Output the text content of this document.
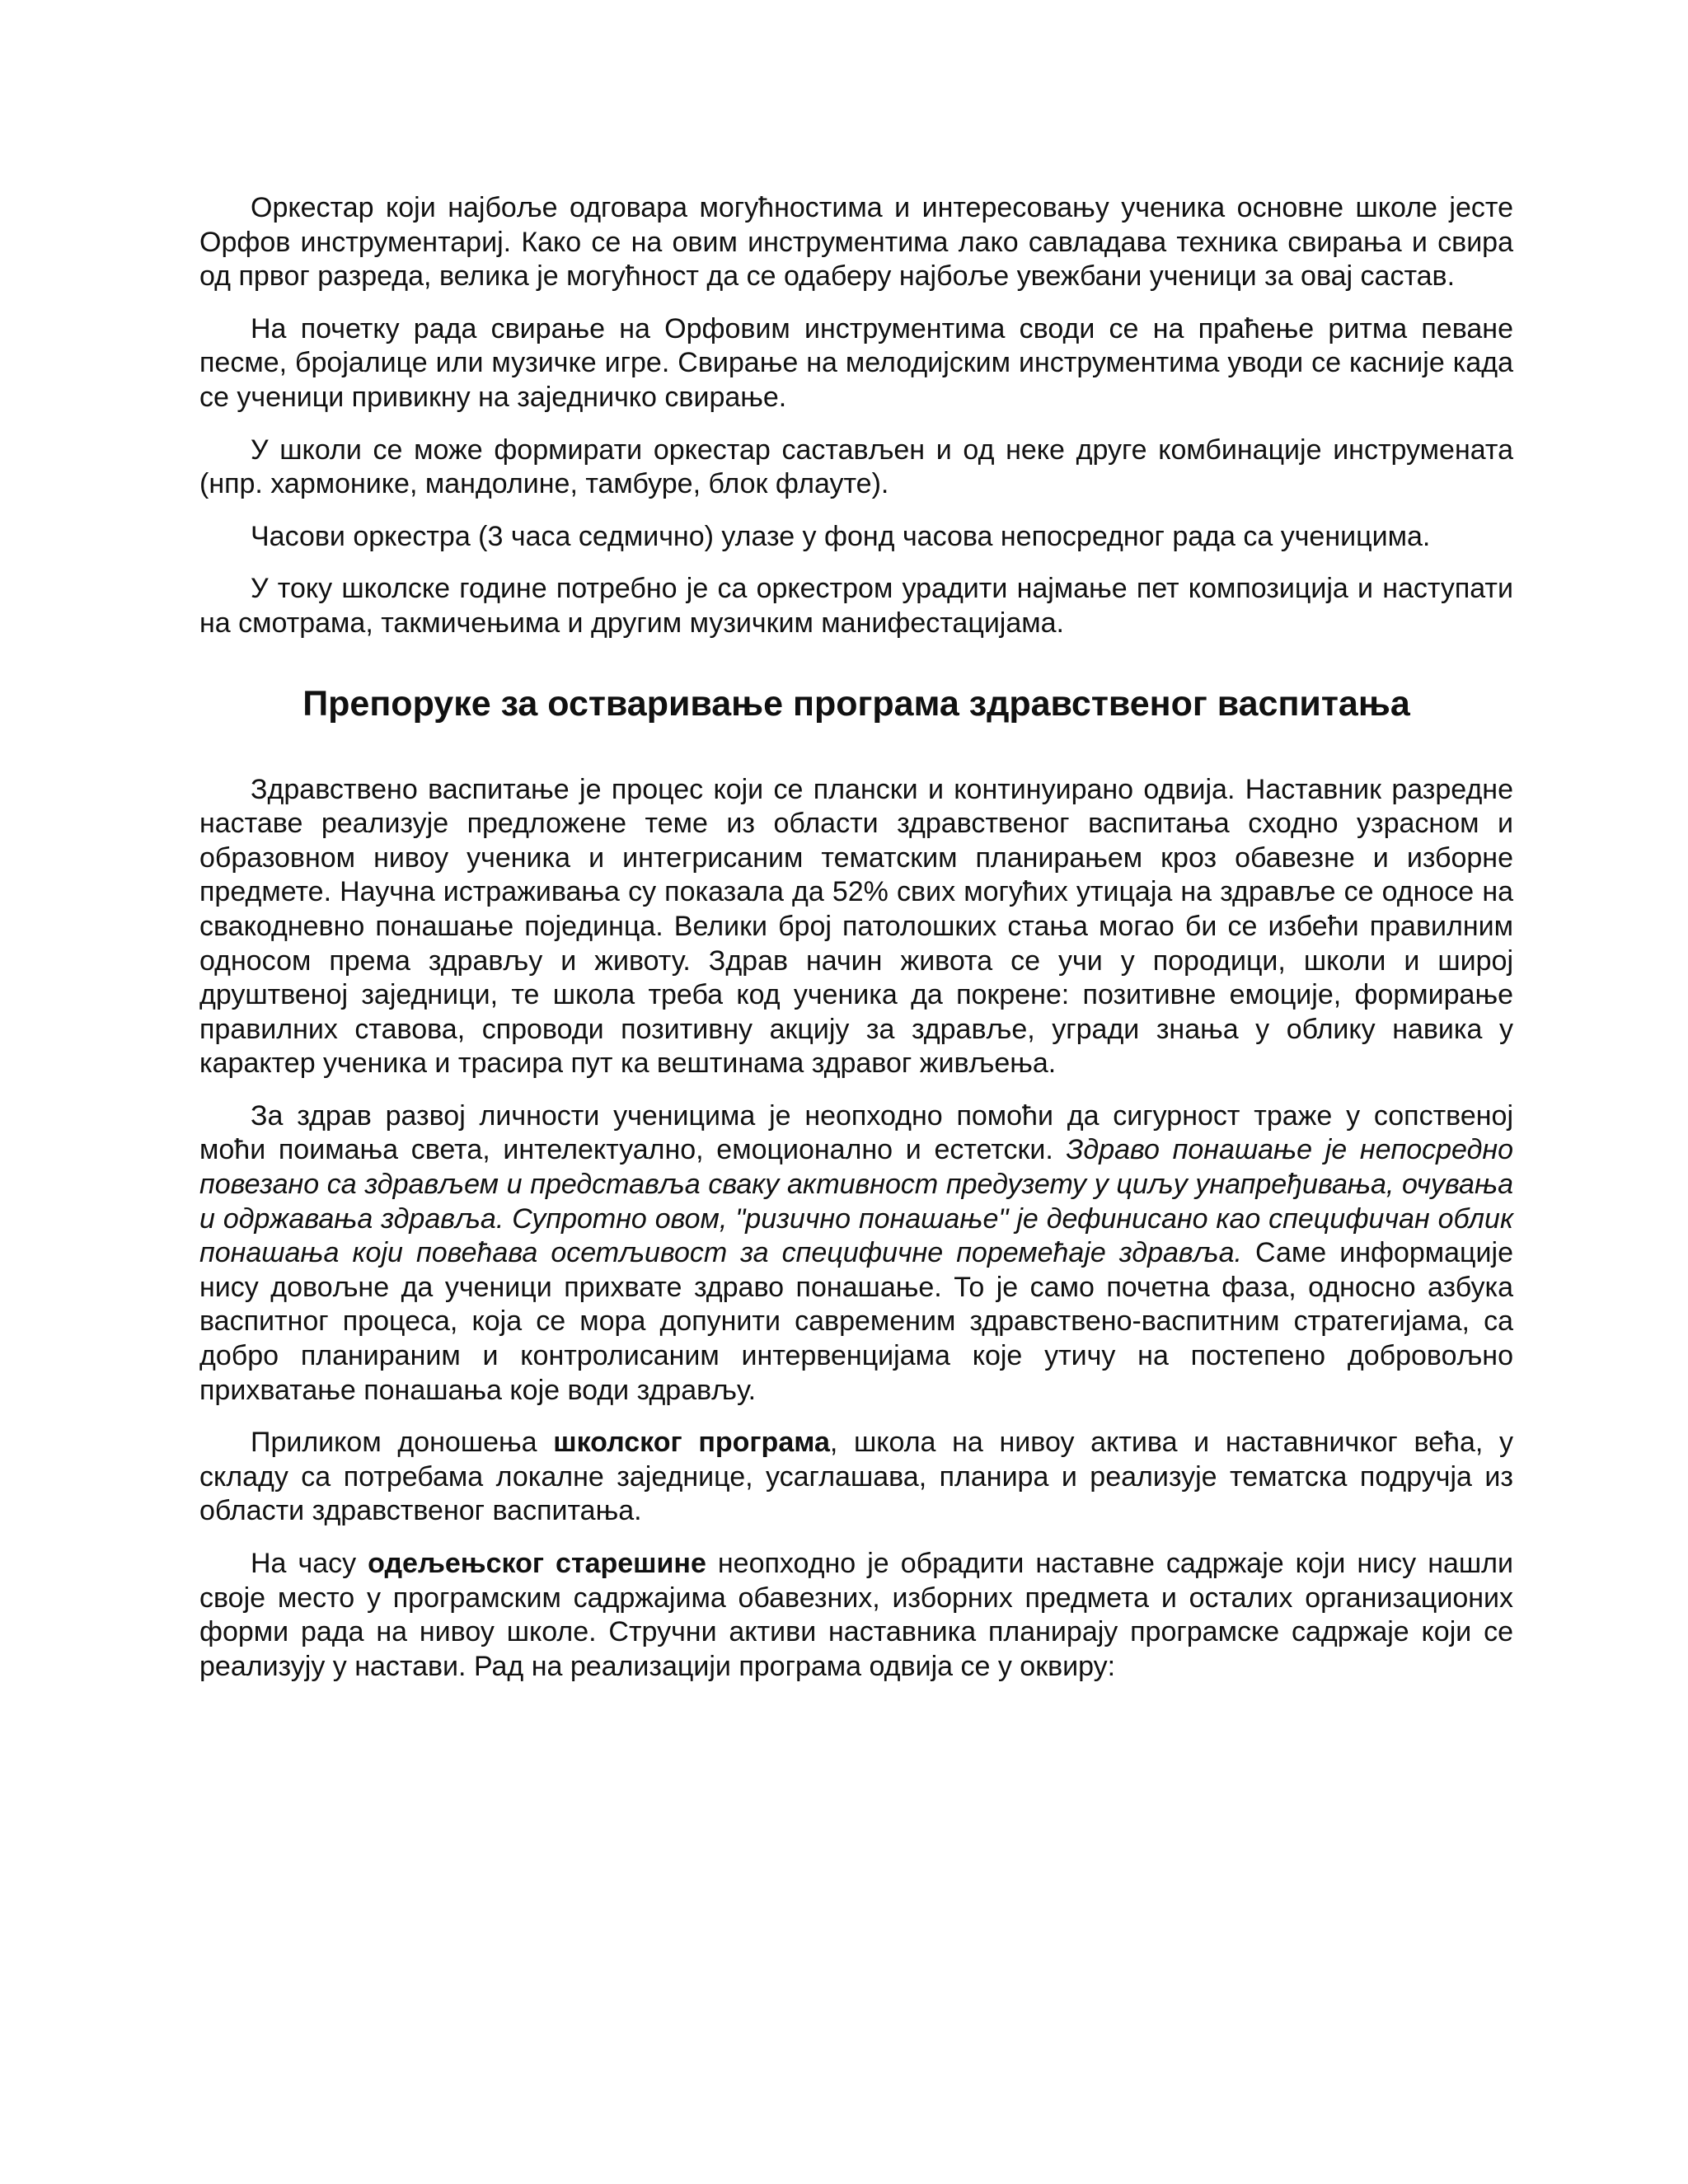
Оркестар који најбоље одговара могућностима и интересовању ученика основне школе јесте Орфов инструментариј. Како се на овим инструментима лако савладава техника свирања и свира од првог разреда, велика је могућност да се одаберу најбоље увежбани ученици за овај састав.

На почетку рада свирање на Орфовим инструментима своди се на праћење ритма певане песме, бројалице или музичке игре. Свирање на мелодијским инструментима уводи се касније када се ученици привикну на заједничко свирање.

У школи се може формирати оркестар састављен и од неке друге комбинације инструмената (нпр. хармонике, мандолине, тамбуре, блок флауте).

Часови оркестра (3 часа седмично) улазе у фонд часова непосредног рада са ученицима.

У току школске године потребно је са оркестром урадити најмање пет композиција и наступати на смотрама, такмичењима и другим музичким манифестацијама.

Препоруке за остваривање програма здравственог васпитања

Здравствено васпитање је процес који се плански и континуирано одвија. Наставник разредне наставе реализује предложене теме из области здравственог васпитања сходно узрасном и образовном нивоу ученика и интегрисаним тематским планирањем кроз обавезне и изборне предмете. Научна истраживања су показала да 52% свих могућих утицаја на здравље се односе на свакодневно понашање појединца. Велики број патолошких стања могао би се избећи правилним односом према здрављу и животу. Здрав начин живота се учи у породици, школи и широј друштвеној заједници, те школа треба код ученика да покрене: позитивне емоције, формирање правилних ставова, спроводи позитивну акцију за здравље, угради знања у облику навика у карактер ученика и трасира пут ка вештинама здравог живљења.

За здрав развој личности ученицима је неопходно помоћи да сигурност траже у сопственој моћи поимања света, интелектуално, емоционално и естетски. Здраво понашање је непосредно повезано са здрављем и представља сваку активност предузету у циљу унапређивања, очувања и одржавања здравља. Супротно овом, "ризично понашање" је дефинисано као специфичан облик понашања који повећава осетљивост за специфичне поремећаје здравља. Саме информације нису довољне да ученици прихвате здраво понашање. То је само почетна фаза, односно азбука васпитног процеса, која се мора допунити савременим здравствено-васпитним стратегијама, са добро планираним и контролисаним интервенцијама које утичу на постепено добровољно прихватање понашања које води здрављу.

Приликом доношења школског програма, школа на нивоу актива и наставничког већа, у складу са потребама локалне заједнице, усаглашава, планира и реализује тематска подручја из области здравственог васпитања.

На часу одељењског старешине неопходно је обрадити наставне садржаје који нису нашли своје место у програмским садржајима обавезних, изборних предмета и осталих организационих форми рада на нивоу школе. Стручни активи наставника планирају програмске садржаје који се реализују у настави. Рад на реализацији програма одвија се у оквиру:
